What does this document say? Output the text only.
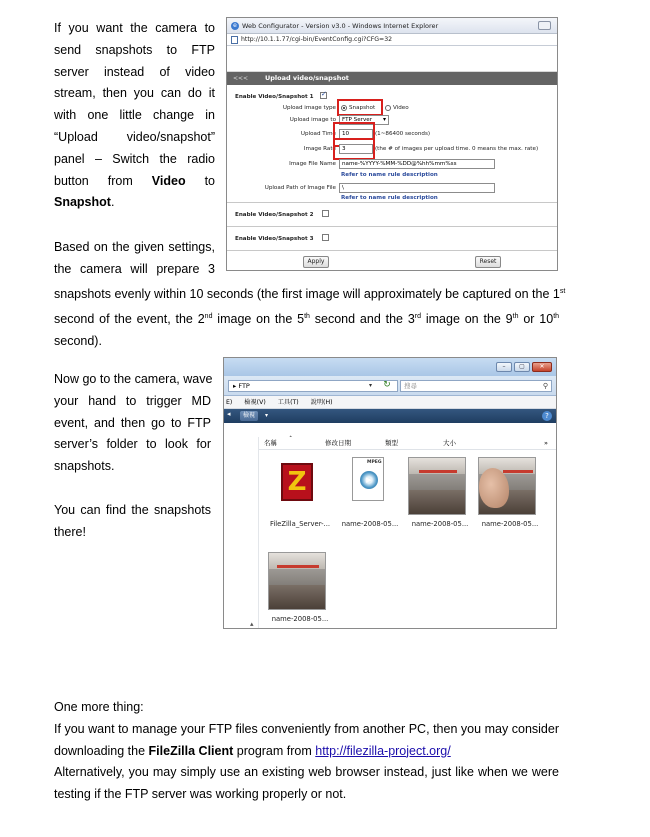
If you want the camera to
send snapshots to FTP
server instead of video
stream, then you can do it
with one little change in
“Upload video/snapshot”
panel – Switch the radio
button from Video to
Snapshot.
Based on the given settings,
the camera will prepare 3
snapshots evenly within 10 seconds (the first image will approximately be captured on the 1st
second of the event, the 2nd image on the 5th second and the 3rd image on the 9th or 10th
second).
Now go to the camera, wave
your hand to trigger MD
event, and then go to FTP
server’s folder to look for
snapshots.
You can find the snapshots
there!
One more thing:
If you want to manage your FTP files conveniently from another PC, then you may consider
downloading the FileZilla Client program from http://filezilla-project.org/
Alternatively, you may simply use an existing web browser instead, just like when we were
testing if the FTP server was working properly or not.
e Web Configurator - Version v3.0 - Windows Internet Explorer
http://10.1.1.77/cgi-bin/EventConfig.cgi?CFG=32
<<<	Upload video/snapshot
Enable Video/Snapshot 1
✓
Upload image type Snapshot	Video
Upload image to	FTP Server ▾
Upload Time	10	(1~86400 seconds)
Image Rate	3	(the # of images per upload time. 0 means the max. rate)
Image File Name	name-%YYYY-%MM-%DD@%hh%mm%ss
Refer to name rule description
Upload Path of Image File	\
Refer to name rule description
Enable Video/Snapshot 2
Enable Video/Snapshot 3
Apply	Reset
–	▢	✕
▸ FTP	▾	↻	搜尋	⚲
E) 檢視(V) 工具(T) 說明(H)
◂	檢視	▾	?
▴
名稱 ˆ	修改日期	類型	大小	»
Z
FileZilla_Server-...
MPEG
▶
name-2008-05...	name-2008-05...	name-2008-05...
name-2008-05...
